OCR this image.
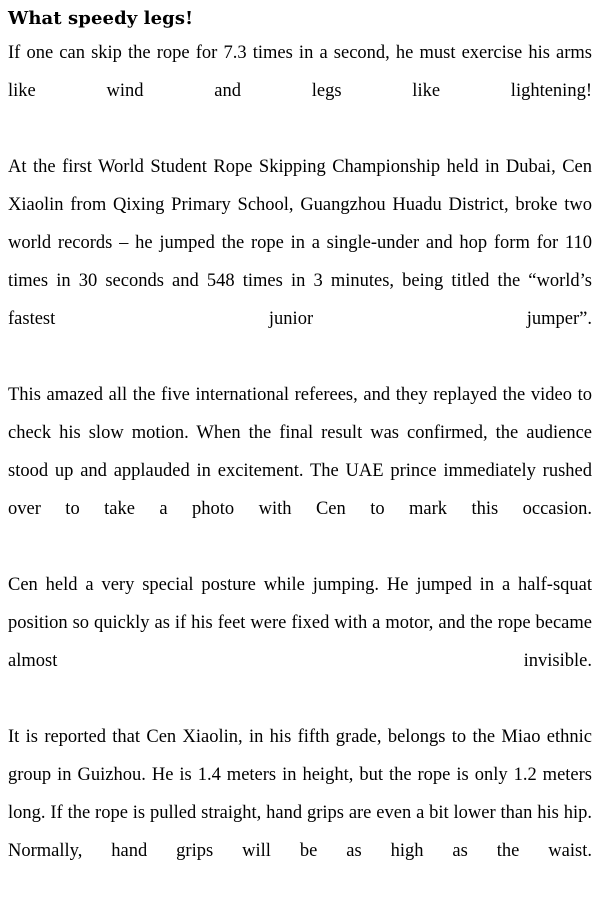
What speedy legs!

If one can skip the rope for 7.3 times in a second, he must exercise his arms like wind and legs like lightening!

At the first World Student Rope Skipping Championship held in Dubai, Cen Xiaolin from Qixing Primary School, Guangzhou Huadu District, broke two world records – he jumped the rope in a single-under and hop form for 110 times in 30 seconds and 548 times in 3 minutes, being titled the “world’s fastest junior jumper”.

This amazed all the five international referees, and they replayed the video to check his slow motion. When the final result was confirmed, the audience stood up and applauded in excitement. The UAE prince immediately rushed over to take a photo with Cen to mark this occasion.

Cen held a very special posture while jumping. He jumped in a half-squat position so quickly as if his feet were fixed with a motor, and the rope became almost invisible.

It is reported that Cen Xiaolin, in his fifth grade, belongs to the Miao ethnic group in Guizhou. He is 1.4 meters in height, but the rope is only 1.2 meters long. If the rope is pulled straight, hand grips are even a bit lower than his hip. Normally, hand grips will be as high as the waist.
